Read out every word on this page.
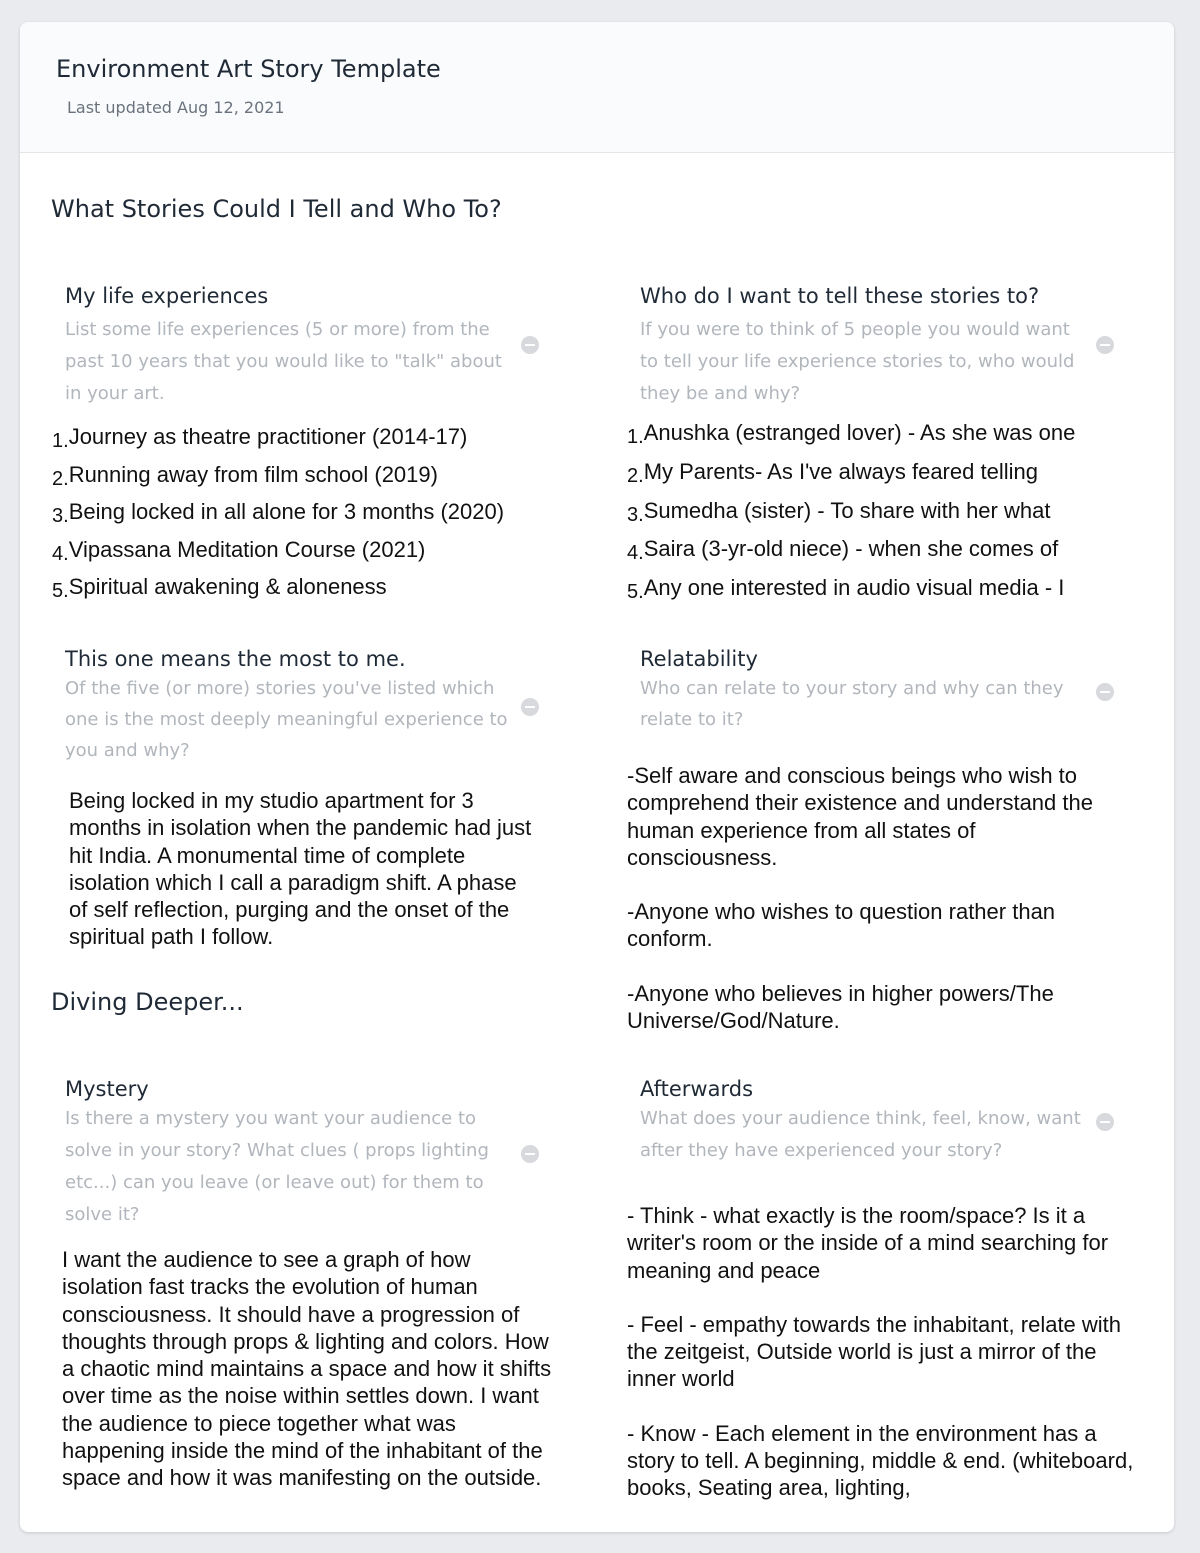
Environment Art Story Template
Last updated Aug 12, 2021
What Stories Could I Tell and Who To?
My life experiences
List some life experiences (5 or more) from the past 10 years that you would like to "talk" about in your art.
1.Journey as theatre practitioner (2014-17)
2.Running away from film school (2019)
3.Being locked in all alone for 3 months (2020)
4.Vipassana Meditation Course (2021)
5.Spiritual awakening & aloneness
Who do I want to tell these stories to?
If you were to think of 5 people you would want to tell your life experience stories to, who would they be and why?
1.Anushka (estranged lover) - As she was one
2.My Parents- As I've always feared telling
3.Sumedha (sister) - To share with her what
4.Saira (3-yr-old niece) - when she comes of
5.Any one interested in audio visual media - I
This one means the most to me.
Of the five (or more) stories you've listed which one is the most deeply meaningful experience to you and why?
Being locked in my studio apartment for 3 months in isolation when the pandemic had just hit India. A monumental time of complete isolation which I call a paradigm shift. A phase of self reflection, purging and the onset of the spiritual path I follow.
Relatability
Who can relate to your story and why can they relate to it?

-Self aware and conscious beings who wish to comprehend their existence and understand the human experience from all states of consciousness.

-Anyone who wishes to question rather than conform.

-Anyone who believes in higher powers/The Universe/God/Nature.

Diving Deeper...
Mystery
Is there a mystery you want your audience to solve in your story? What clues ( props lighting etc...) can you leave (or leave out) for them to solve it?
I want the audience to see a graph of how isolation fast tracks the evolution of human consciousness. It should have a progression of thoughts through props & lighting and colors. How a chaotic mind maintains a space and how it shifts over time as the noise within settles down. I want the audience to piece together what was happening inside the mind of the inhabitant of the space and how it was manifesting on the outside.
Afterwards
What does your audience think, feel, know, want after they have experienced your story?

- Think - what exactly is the room/space? Is it a writer's room or the inside of a mind searching for meaning and peace

- Feel - empathy towards the inhabitant, relate with the zeitgeist, Outside world is just a mirror of the inner world

- Know - Each element in the environment has a story to tell. A beginning, middle & end. (whiteboard, books, Seating area, lighting,
